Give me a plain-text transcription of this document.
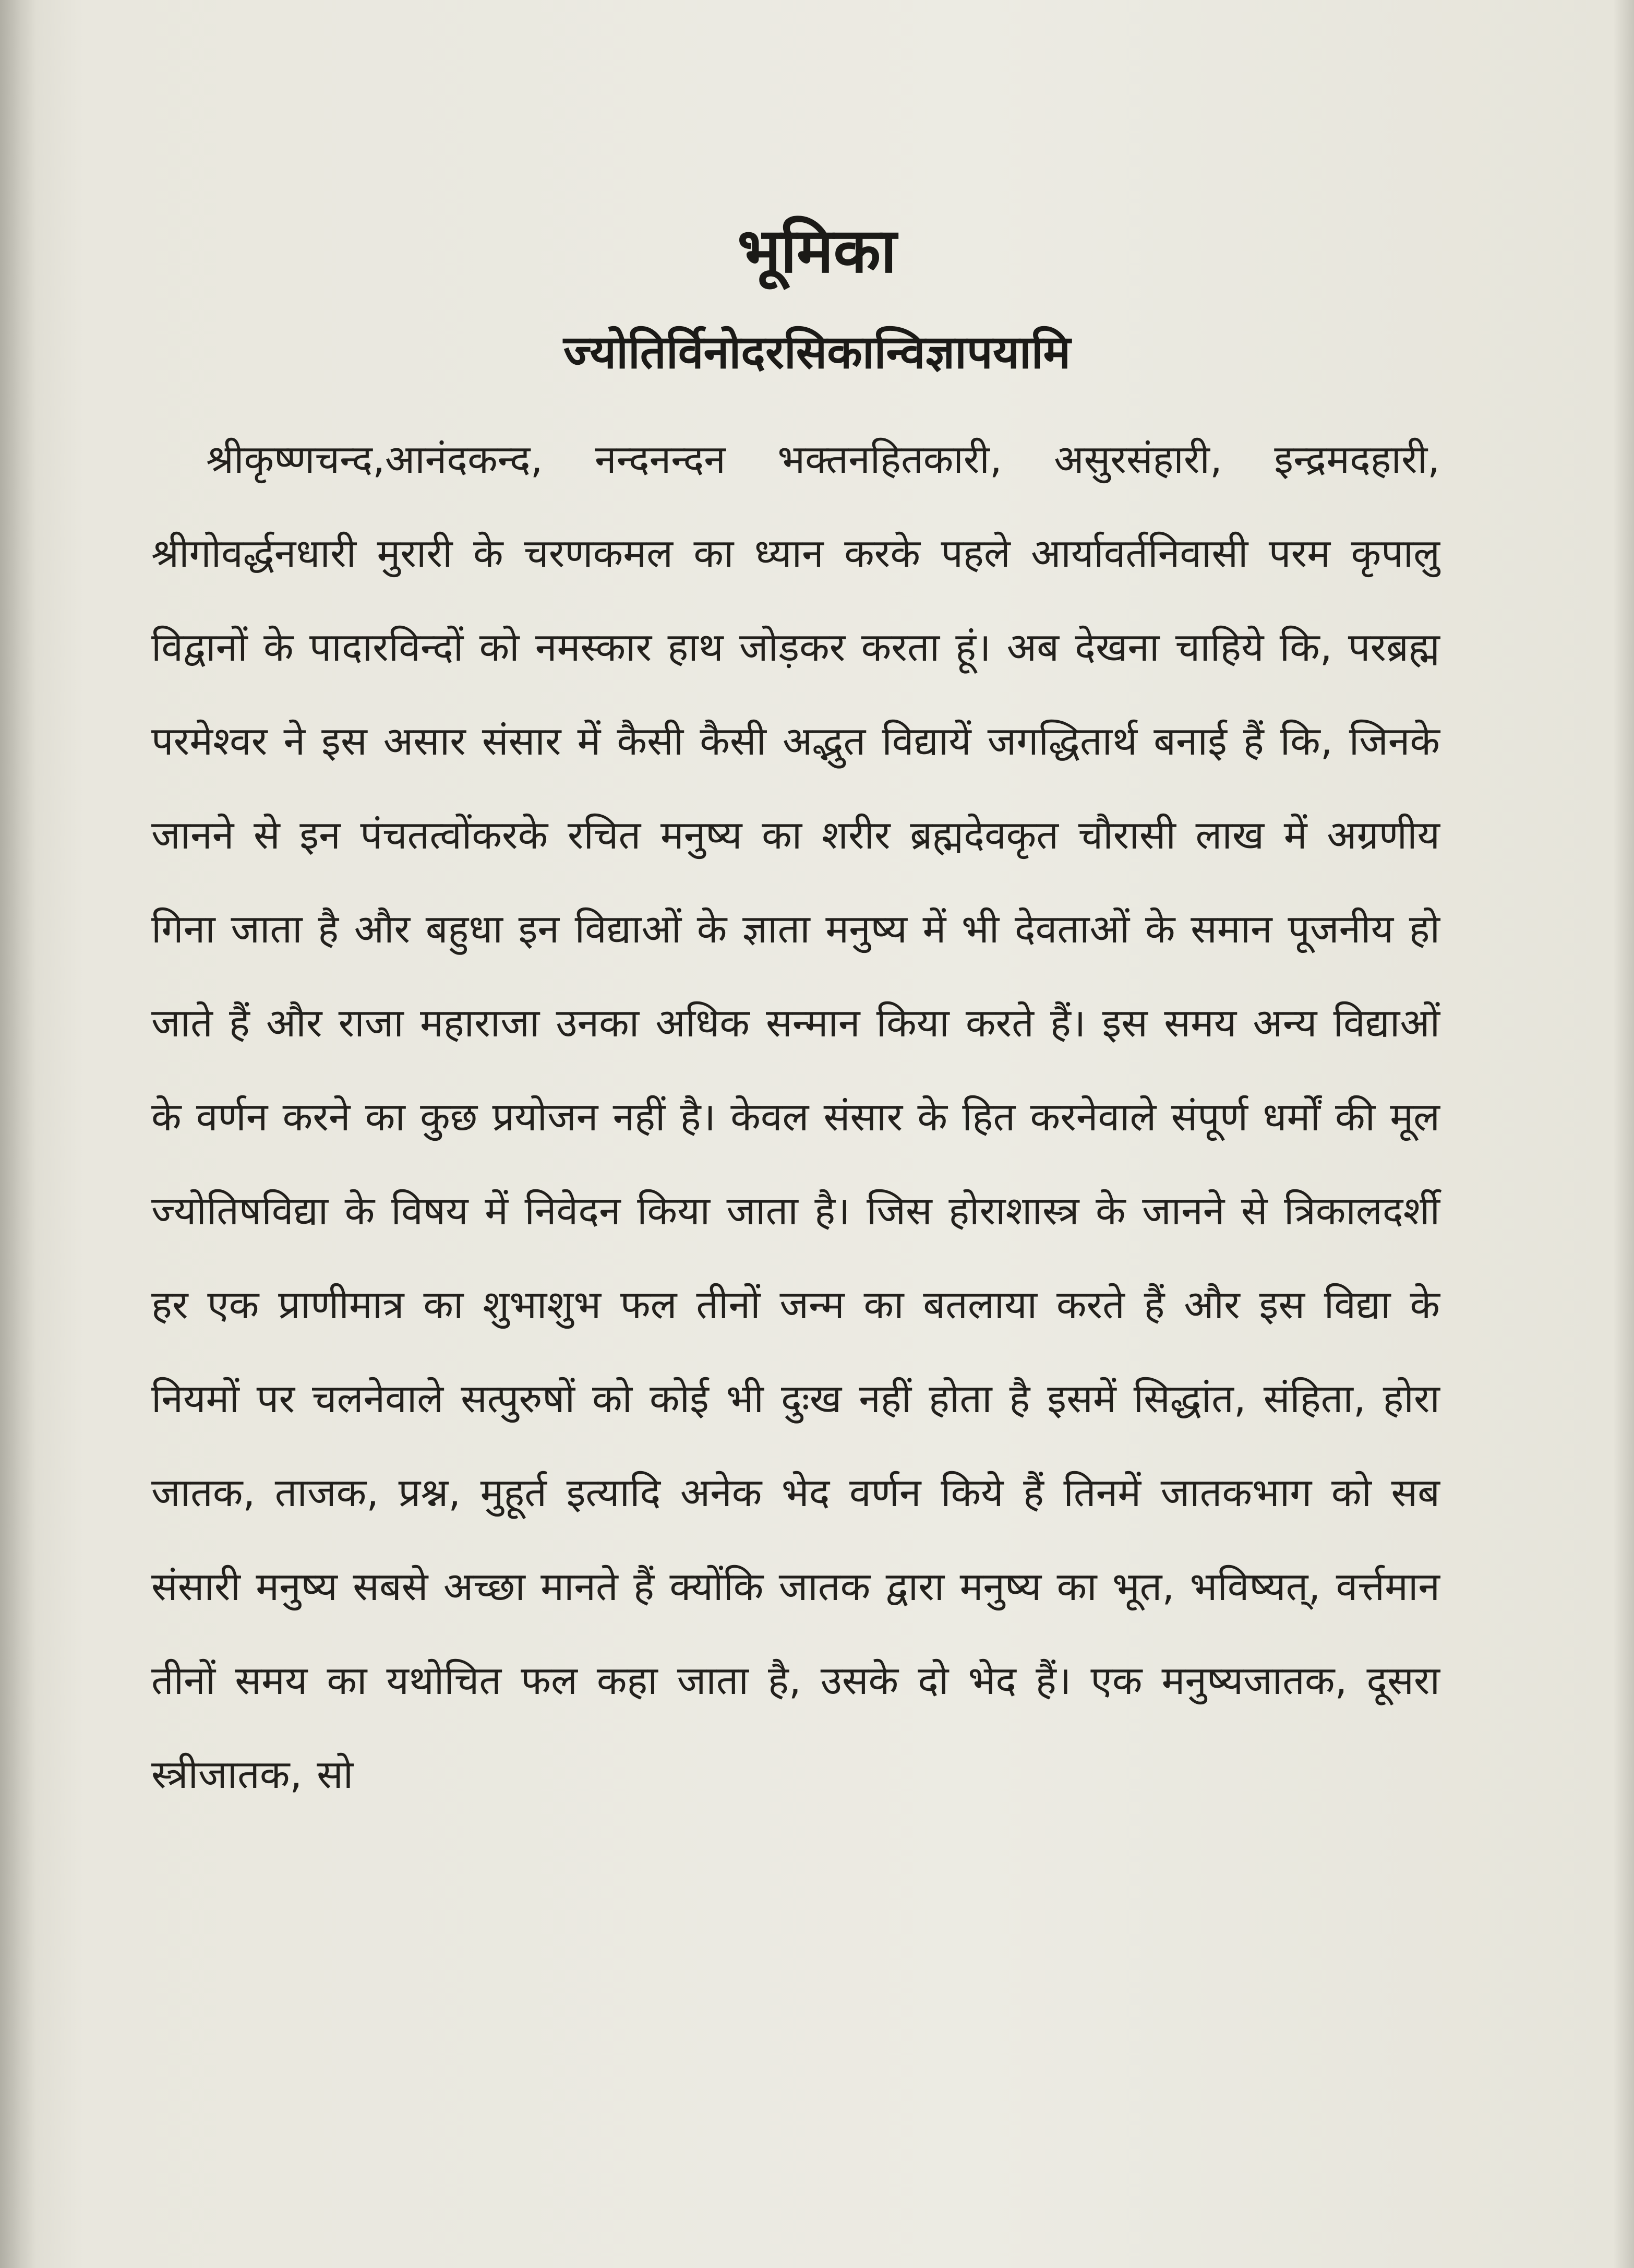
भूमिका
ज्योतिर्विनोदरसिकान्विज्ञापयामि

श्रीकृष्णचन्द,आनंदकन्द, नन्दनन्दन भक्तनहितकारी, असुरसंहारी, इन्द्रमदहारी, श्रीगोवर्द्धनधारी मुरारी के चरणकमल का ध्यान करके पहले आर्यावर्तनिवासी परम कृपालु विद्वानों के पादारविन्दों को नमस्कार हाथ जोड़कर करता हूं। अब देखना चाहिये कि, परब्रह्म परमेश्वर ने इस असार संसार में कैसी कैसी अद्भुत विद्यायें जगद्धितार्थ बनाई हैं कि, जिनके जानने से इन पंचतत्वोंकरके रचित मनुष्य का शरीर ब्रह्मदेवकृत चौरासी लाख में अग्रणीय गिना जाता है और बहुधा इन विद्याओं के ज्ञाता मनुष्य में भी देवताओं के समान पूजनीय हो जाते हैं और राजा महाराजा उनका अधिक सन्मान किया करते हैं। इस समय अन्य विद्याओं के वर्णन करने का कुछ प्रयोजन नहीं है। केवल संसार के हित करनेवाले संपूर्ण धर्मों की मूल ज्योतिषविद्या के विषय में निवेदन किया जाता है। जिस होराशास्त्र के जानने से त्रिकालदर्शी हर एक प्राणीमात्र का शुभाशुभ फल तीनों जन्म का बतलाया करते हैं और इस विद्या के नियमों पर चलनेवाले सत्पुरुषों को कोई भी दुःख नहीं होता है इसमें सिद्धांत, संहिता, होरा जातक, ताजक, प्रश्न, मुहूर्त इत्यादि अनेक भेद वर्णन किये हैं तिनमें जातकभाग को सब संसारी मनुष्य सबसे अच्छा मानते हैं क्योंकि जातक द्वारा मनुष्य का भूत, भविष्यत्, वर्त्तमान तीनों समय का यथोचित फल कहा जाता है, उसके दो भेद हैं। एक मनुष्यजातक, दूसरा स्त्रीजातक, सो
